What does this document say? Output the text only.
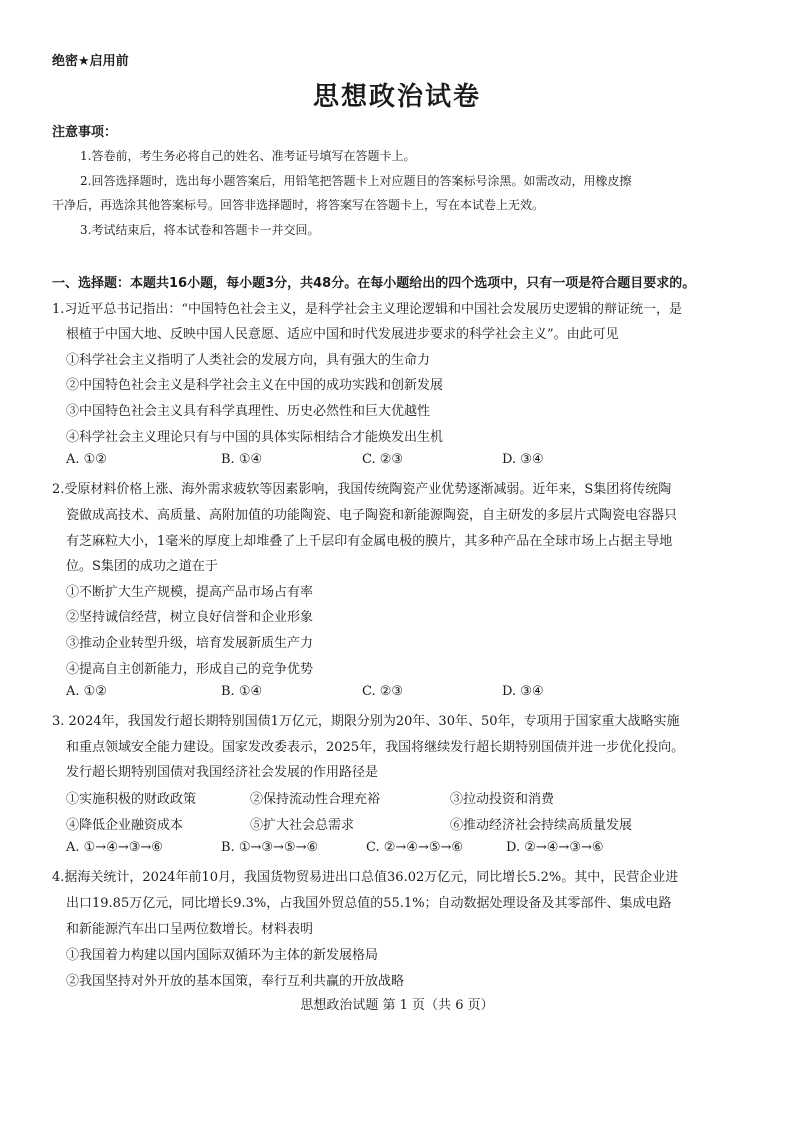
绝密★启用前
思想政治试卷
注意事项：
1.答卷前，考生务必将自己的姓名、准考证号填写在答题卡上。
2.回答选择题时，选出每小题答案后，用铅笔把答题卡上对应题目的答案标号涂黑。如需改动，用橡皮擦
干净后，再选涂其他答案标号。回答非选择题时，将答案写在答题卡上，写在本试卷上无效。
3.考试结束后，将本试卷和答题卡一并交回。
一、选择题：本题共16小题，每小题3分，共48分。在每小题给出的四个选项中，只有一项是符合题目要求的。
1.习近平总书记指出：“中国特色社会主义，是科学社会主义理论逻辑和中国社会发展历史逻辑的辩证统一，是
根植于中国大地、反映中国人民意愿、适应中国和时代发展进步要求的科学社会主义”。由此可见
①科学社会主义指明了人类社会的发展方向，具有强大的生命力
②中国特色社会主义是科学社会主义在中国的成功实践和创新发展
③中国特色社会主义具有科学真理性、历史必然性和巨大优越性
④科学社会主义理论只有与中国的具体实际相结合才能焕发出生机
A. ①②	B. ①④	C. ②③	D. ③④
2.受原材料价格上涨、海外需求疲软等因素影响，我国传统陶瓷产业优势逐渐减弱。近年来，S集团将传统陶
瓷做成高技术、高质量、高附加值的功能陶瓷、电子陶瓷和新能源陶瓷，自主研发的多层片式陶瓷电容器只
有芝麻粒大小，1毫米的厚度上却堆叠了上千层印有金属电极的膜片，其多种产品在全球市场上占据主导地
位。S集团的成功之道在于
①不断扩大生产规模，提高产品市场占有率
②坚持诚信经营，树立良好信誉和企业形象
③推动企业转型升级，培育发展新质生产力
④提高自主创新能力，形成自己的竞争优势
A. ①②	B. ①④	C. ②③	D. ③④
3. 2024年，我国发行超长期特别国债1万亿元，期限分别为20年、30年、50年，专项用于国家重大战略实施
和重点领域安全能力建设。国家发改委表示，2025年，我国将继续发行超长期特别国债并进一步优化投向。
发行超长期特别国债对我国经济社会发展的作用路径是
①实施积极的财政政策	②保持流动性合理充裕	③拉动投资和消费
④降低企业融资成本	⑤扩大社会总需求	⑥推动经济社会持续高质量发展
A. ①→④→③→⑥	B. ①→③→⑤→⑥	C. ②→④→⑤→⑥	D. ②→④→③→⑥
4.据海关统计，2024年前10月，我国货物贸易进出口总值36.02万亿元，同比增长5.2%。其中，民营企业进
出口19.85万亿元，同比增长9.3%，占我国外贸总值的55.1%；自动数据处理设备及其零部件、集成电路
和新能源汽车出口呈两位数增长。材料表明
①我国着力构建以国内国际双循环为主体的新发展格局
②我国坚持对外开放的基本国策，奉行互利共赢的开放战略
思想政治试题 第 1 页（共 6 页）
